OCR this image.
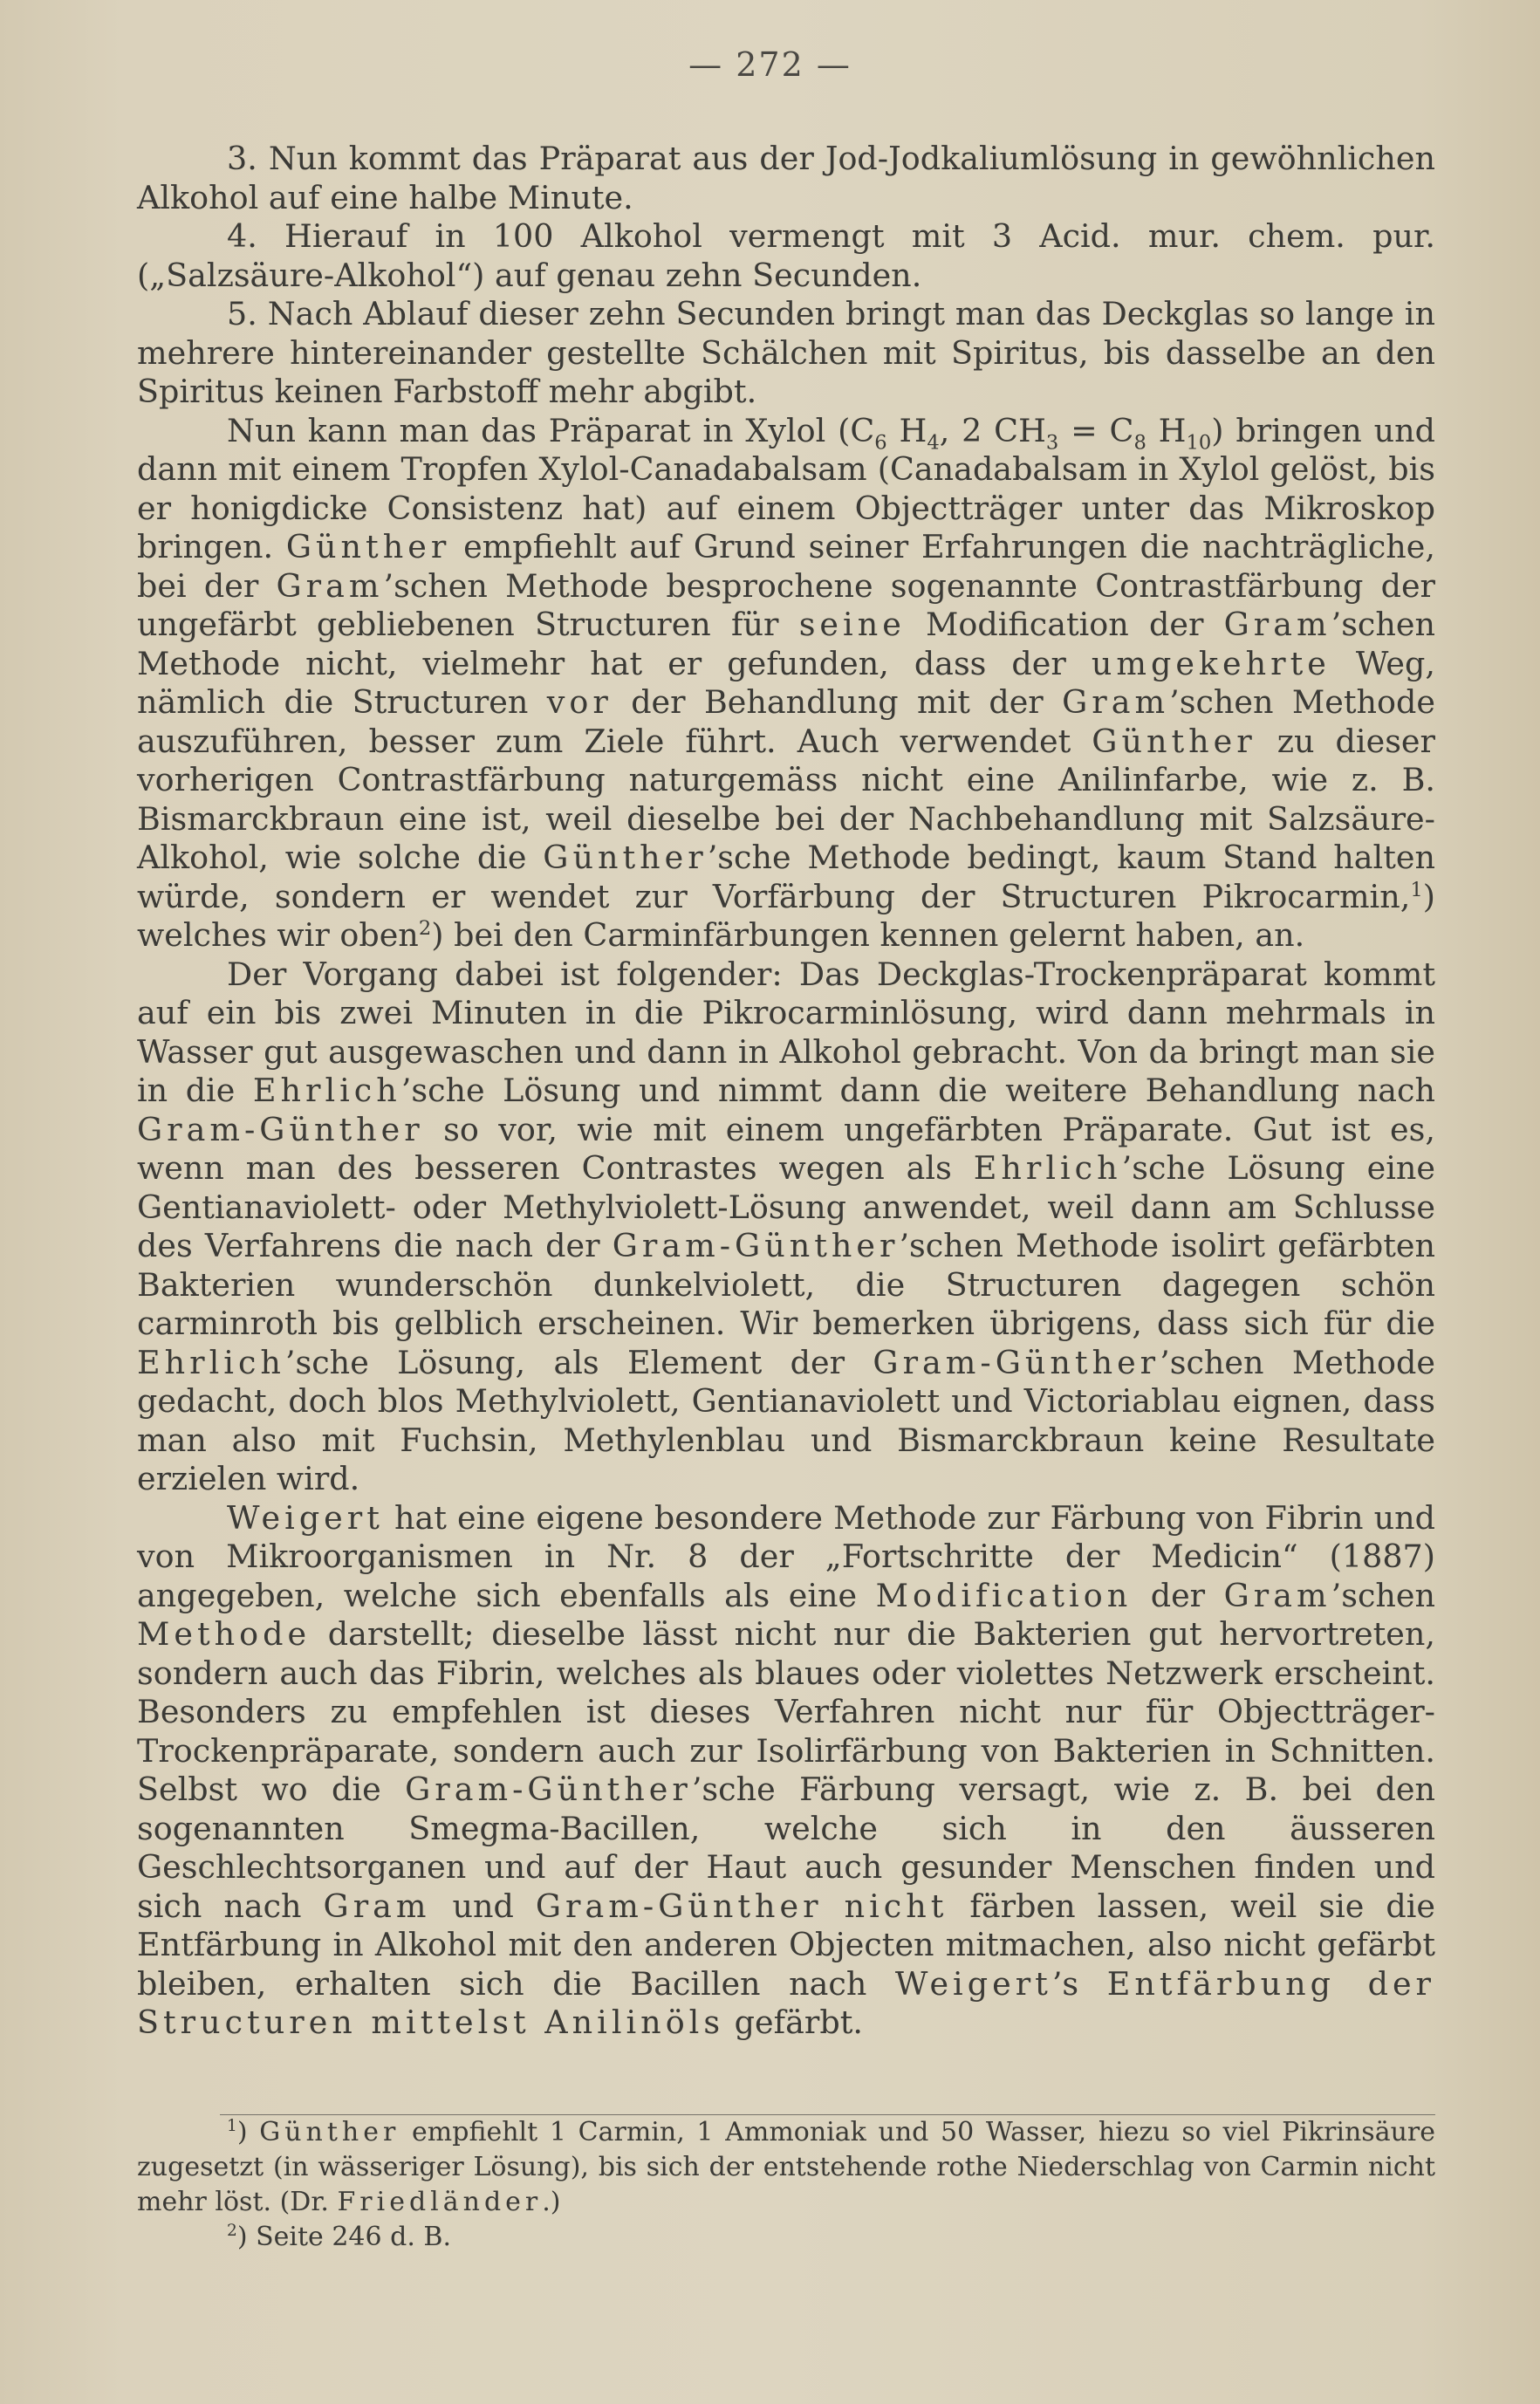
— 272 —

3. Nun kommt das Präparat aus der Jod-Jodkaliumlösung in gewöhnlichen Alkohol auf eine halbe Minute.

4. Hierauf in 100 Alkohol vermengt mit 3 Acid. mur. chem. pur. („Salzsäure-Alkohol“) auf genau zehn Secunden.

5. Nach Ablauf dieser zehn Secunden bringt man das Deckglas so lange in mehrere hintereinander gestellte Schälchen mit Spiritus, bis dasselbe an den Spiritus keinen Farbstoff mehr abgibt.

Nun kann man das Präparat in Xylol ($C_6$ $H_4$, 2 $CH_3 = C_8$ $H_{10}$) bringen und dann mit einem Tropfen Xylol-Canadabalsam (Canadabalsam in Xylol gelöst, bis er honigdicke Consistenz hat) auf einem Objectträger unter das Mikroskop bringen. Günther empfiehlt auf Grund seiner Erfahrungen die nachträgliche, bei der Gram’schen Methode besprochene sogenannte Contrastfärbung der ungefärbt gebliebenen Structuren für seine Modification der Gram’schen Methode nicht, vielmehr hat er gefunden, dass der umgekehrte Weg, nämlich die Structuren vor der Behandlung mit der Gram’schen Methode auszuführen, besser zum Ziele führt. Auch verwendet Günther zu dieser vorherigen Contrastfärbung naturgemäss nicht eine Anilinfarbe, wie z. B. Bismarckbraun eine ist, weil dieselbe bei der Nachbehandlung mit Salzsäure-Alkohol, wie solche die Günther’sche Methode bedingt, kaum Stand halten würde, sondern er wendet zur Vorfärbung der Structuren Pikrocarmin,$^1$) welches wir oben$^2$) bei den Carminfärbungen kennen gelernt haben, an.

Der Vorgang dabei ist folgender: Das Deckglas-Trockenpräparat kommt auf ein bis zwei Minuten in die Pikrocarminlösung, wird dann mehrmals in Wasser gut ausgewaschen und dann in Alkohol gebracht. Von da bringt man sie in die Ehrlich’sche Lösung und nimmt dann die weitere Behandlung nach Gram-Günther so vor, wie mit einem ungefärbten Präparate. Gut ist es, wenn man des besseren Contrastes wegen als Ehrlich’sche Lösung eine Gentianaviolett- oder Methylviolett-Lösung anwendet, weil dann am Schlusse des Verfahrens die nach der Gram-Günther’schen Methode isolirt gefärbten Bakterien wunderschön dunkelviolett, die Structuren dagegen schön carminroth bis gelblich erscheinen. Wir bemerken übrigens, dass sich für die Ehrlich’sche Lösung, als Element der Gram-Günther’schen Methode gedacht, doch blos Methylviolett, Gentianaviolett und Victoriablau eignen, dass man also mit Fuchsin, Methylenblau und Bismarckbraun keine Resultate erzielen wird.

Weigert hat eine eigene besondere Methode zur Färbung von Fibrin und von Mikroorganismen in Nr. 8 der „Fortschritte der Medicin“ (1887) angegeben, welche sich ebenfalls als eine Modification der Gram’schen Methode darstellt; dieselbe lässt nicht nur die Bakterien gut hervortreten, sondern auch das Fibrin, welches als blaues oder violettes Netzwerk erscheint. Besonders zu empfehlen ist dieses Verfahren nicht nur für Objectträger-Trockenpräparate, sondern auch zur Isolirfärbung von Bakterien in Schnitten. Selbst wo die Gram-Günther’sche Färbung versagt, wie z. B. bei den sogenannten Smegma-Bacillen, welche sich in den äusseren Geschlechtsorganen und auf der Haut auch gesunder Menschen finden und sich nach Gram und Gram-Günther nicht färben lassen, weil sie die Entfärbung in Alkohol mit den anderen Objecten mitmachen, also nicht gefärbt bleiben, erhalten sich die Bacillen nach Weigert’s Entfärbung der Structuren mittelst Anilinöls gefärbt.

$^1$) Günther empfiehlt 1 Carmin, 1 Ammoniak und 50 Wasser, hiezu so viel Pikrinsäure zugesetzt (in wässeriger Lösung), bis sich der entstehende rothe Niederschlag von Carmin nicht mehr löst. (Dr. Friedländer.)

$^2$) Seite 246 d. B.
